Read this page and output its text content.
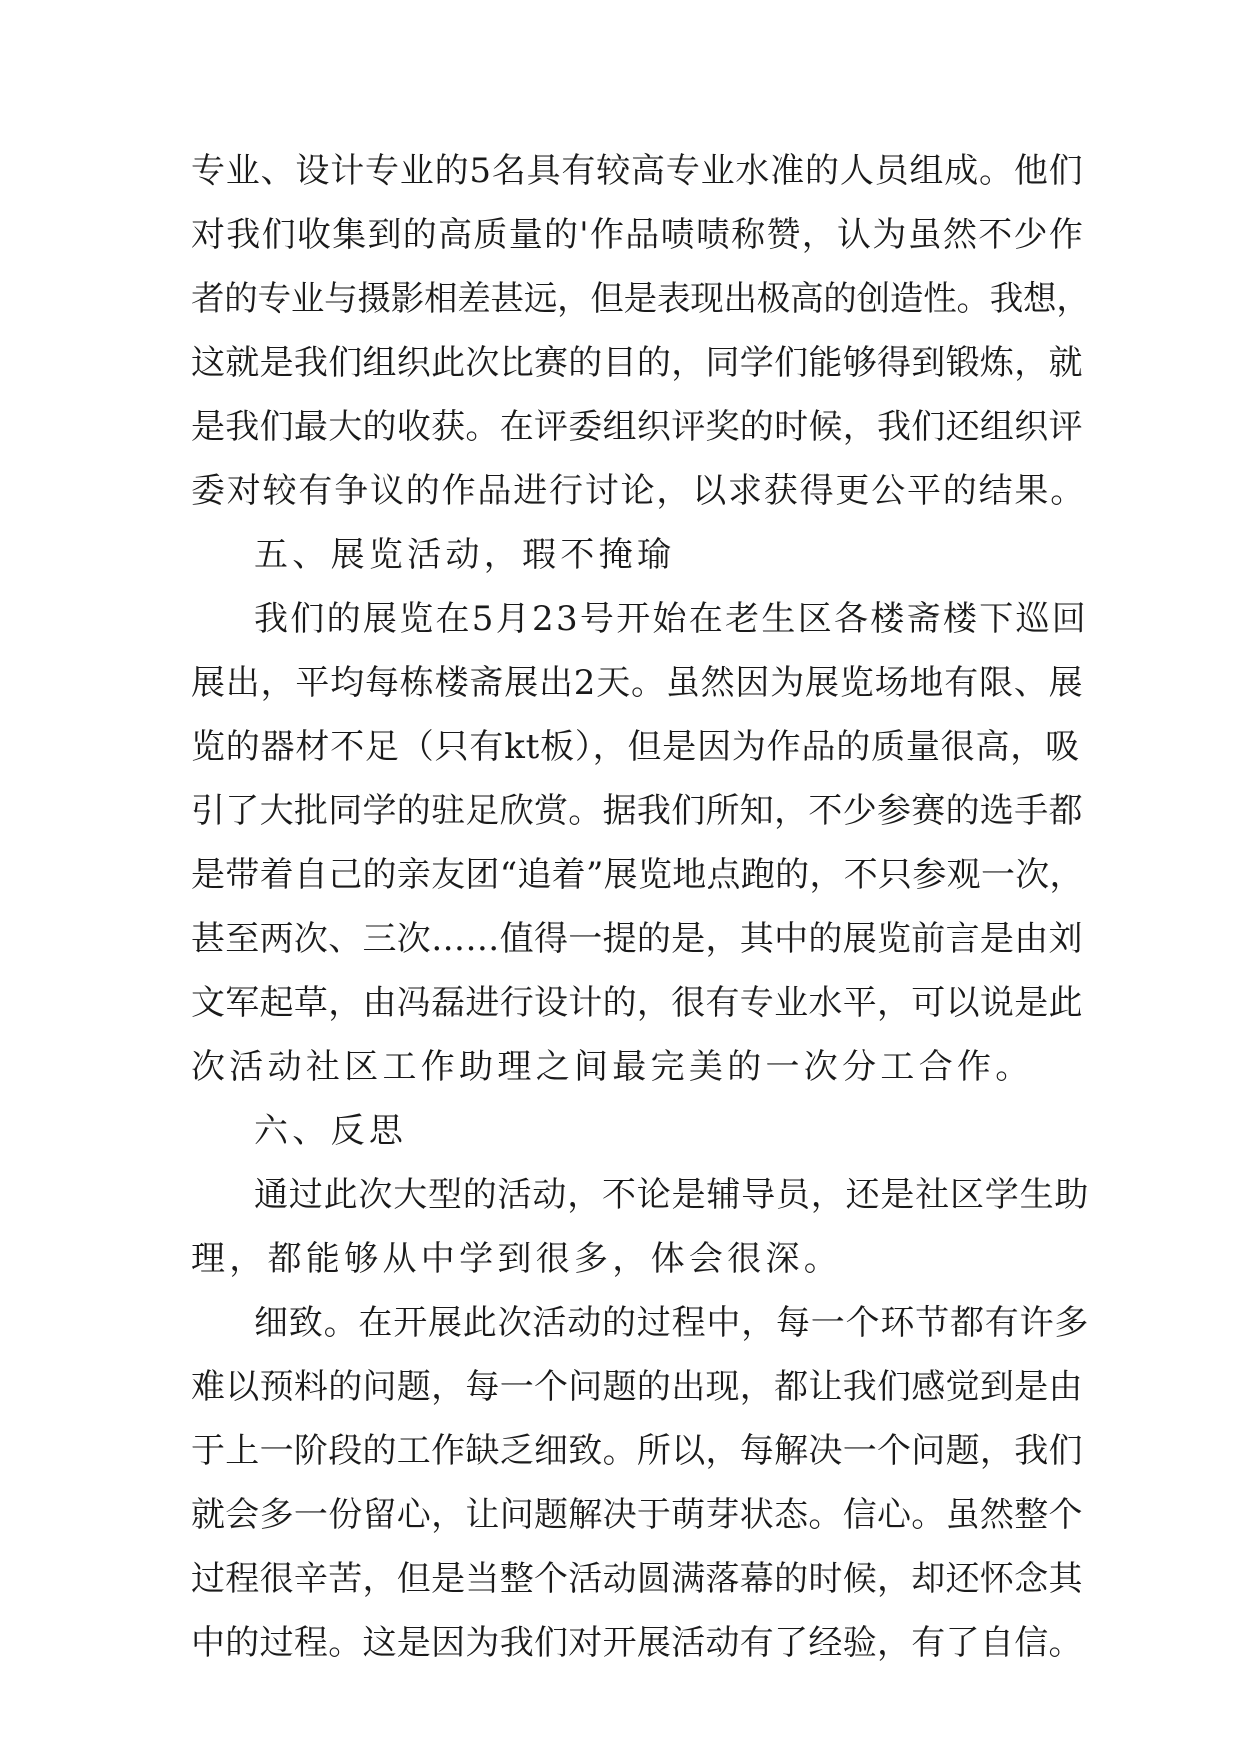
专业、设计专业的5名具有较高专业水准的人员组成。他们
对我们收集到的高质量的'作品啧啧称赞，认为虽然不少作
者的专业与摄影相差甚远，但是表现出极高的创造性。我想，
这就是我们组织此次比赛的目的，同学们能够得到锻炼，就
是我们最大的收获。在评委组织评奖的时候，我们还组织评
委对较有争议的作品进行讨论，以求获得更公平的结果。
五、展览活动，瑕不掩瑜
我们的展览在5月23号开始在老生区各楼斋楼下巡回
展出，平均每栋楼斋展出2天。虽然因为展览场地有限、展
览的器材不足（只有kt板），但是因为作品的质量很高，吸
引了大批同学的驻足欣赏。据我们所知，不少参赛的选手都
是带着自己的亲友团“追着”展览地点跑的，不只参观一次，
甚至两次、三次……值得一提的是，其中的展览前言是由刘
文军起草，由冯磊进行设计的，很有专业水平，可以说是此
次活动社区工作助理之间最完美的一次分工合作。
六、反思
通过此次大型的活动，不论是辅导员，还是社区学生助
理，都能够从中学到很多，体会很深。
细致。在开展此次活动的过程中，每一个环节都有许多
难以预料的问题，每一个问题的出现，都让我们感觉到是由
于上一阶段的工作缺乏细致。所以，每解决一个问题，我们
就会多一份留心，让问题解决于萌芽状态。信心。虽然整个
过程很辛苦，但是当整个活动圆满落幕的时候，却还怀念其
中的过程。这是因为我们对开展活动有了经验，有了自信。
